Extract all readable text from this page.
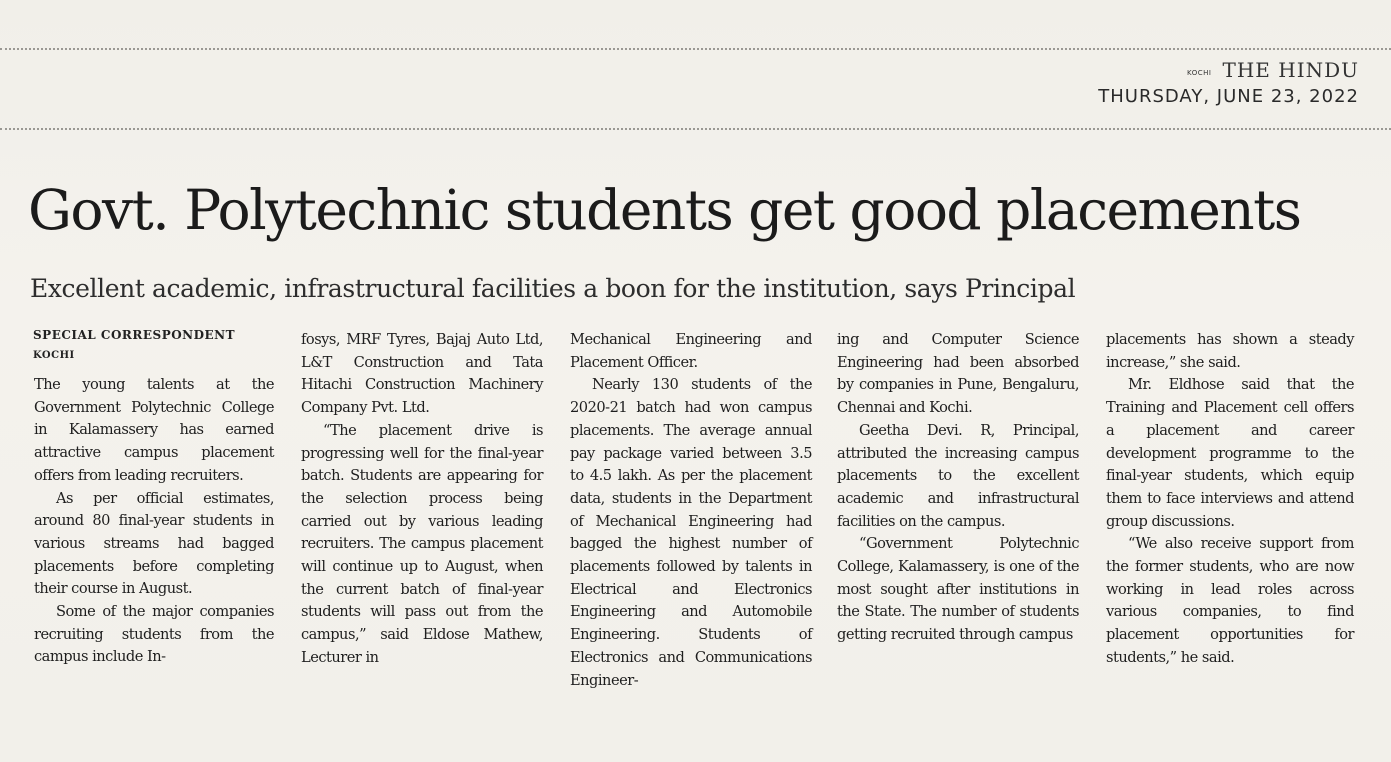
KOCHI THE HINDU
THURSDAY, JUNE 23, 2022
Govt. Polytechnic students get good placements
Excellent academic, infrastructural facilities a boon for the institution, says Principal
SPECIAL CORRESPONDENT
KOCHI

The young talents at the Government Polytechnic College in Kalamassery has earned attractive campus placement offers from leading recruiters.

As per official estimates, around 80 final-year students in various streams had bagged placements before completing their course in August.

Some of the major companies recruiting students from the campus include In-

fosys, MRF Tyres, Bajaj Auto Ltd, L&T Construction and Tata Hitachi Construction Machinery Company Pvt. Ltd.

“The placement drive is progressing well for the final-year batch. Students are appearing for the selection process being carried out by various leading recruiters. The campus placement will continue up to August, when the current batch of final-year students will pass out from the campus,” said Eldose Mathew, Lecturer in

Mechanical Engineering and Placement Officer.

Nearly 130 students of the 2020-21 batch had won campus placements. The average annual pay package varied between 3.5 to 4.5 lakh. As per the placement data, students in the Department of Mechanical Engineering had bagged the highest number of placements followed by talents in Electrical and Electronics Engineering and Automobile Engineering. Students of Electronics and Communications Engineer-

ing and Computer Science Engineering had been absorbed by companies in Pune, Bengaluru, Chennai and Kochi.

Geetha Devi. R, Principal, attributed the increasing campus placements to the excellent academic and infrastructural facilities on the campus.

“Government Polytechnic College, Kalamassery, is one of the most sought after institutions in the State. The number of students getting recruited through campus

placements has shown a steady increase,” she said.

Mr. Eldhose said that the Training and Placement cell offers a placement and career development programme to the final-year students, which equip them to face interviews and attend group discussions.

“We also receive support from the former students, who are now working in lead roles across various companies, to find placement opportunities for students,” he said.
